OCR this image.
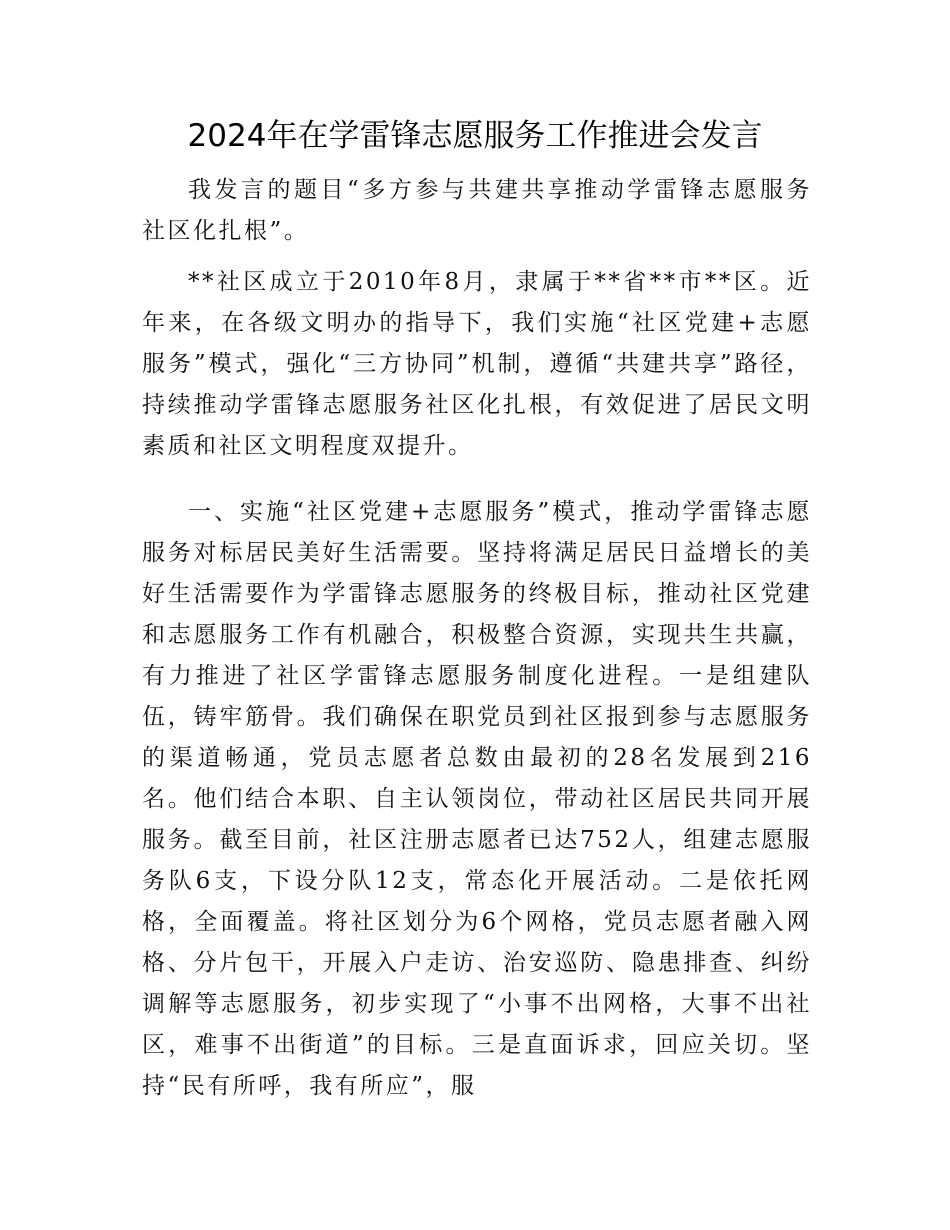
2024年在学雷锋志愿服务工作推进会发言

我发言的题目“多方参与共建共享推动学雷锋志愿服务社区化扎根”。

**社区成立于2010年8月，隶属于**省**市**区。近年来，在各级文明办的指导下，我们实施“社区党建+志愿服务”模式，强化“三方协同”机制，遵循“共建共享”路径，持续推动学雷锋志愿服务社区化扎根，有效促进了居民文明素质和社区文明程度双提升。

一、实施“社区党建+志愿服务”模式，推动学雷锋志愿服务对标居民美好生活需要。坚持将满足居民日益增长的美好生活需要作为学雷锋志愿服务的终极目标，推动社区党建和志愿服务工作有机融合，积极整合资源，实现共生共赢，有力推进了社区学雷锋志愿服务制度化进程。一是组建队伍，铸牢筋骨。我们确保在职党员到社区报到参与志愿服务的渠道畅通，党员志愿者总数由最初的28名发展到216名。他们结合本职、自主认领岗位，带动社区居民共同开展服务。截至目前，社区注册志愿者已达752人，组建志愿服务队6支，下设分队12支，常态化开展活动。二是依托网格，全面覆盖。将社区划分为6个网格，党员志愿者融入网格、分片包干，开展入户走访、治安巡防、隐患排查、纠纷调解等志愿服务，初步实现了“小事不出网格，大事不出社区，难事不出街道”的目标。三是直面诉求，回应关切。坚持“民有所呼，我有所应”，服
